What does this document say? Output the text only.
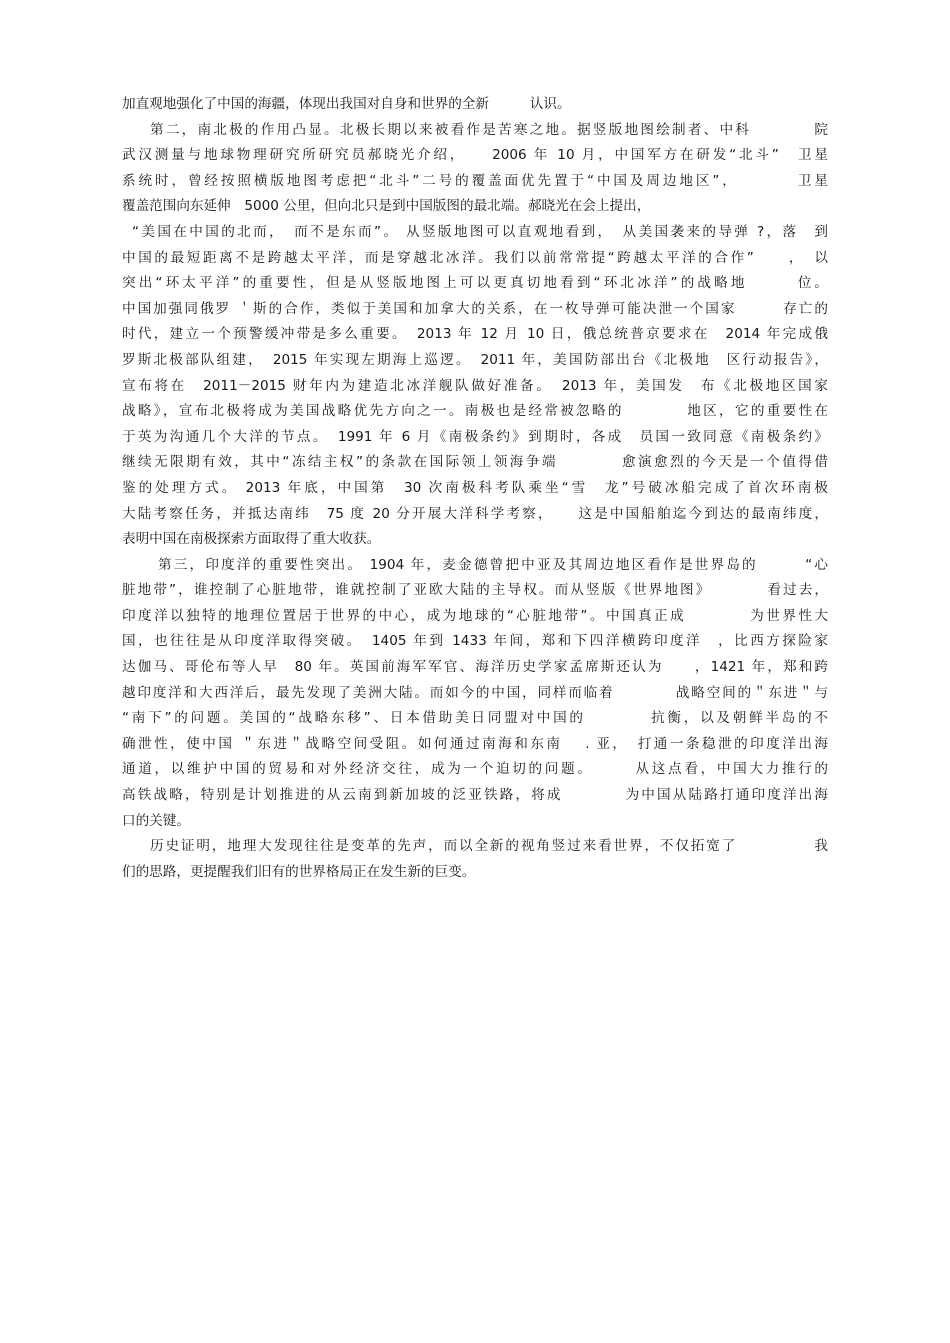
加直观地强化了中国的海疆，体现出我国对自身和世界的全新　　　认识。
第二，南北极的作用凸显。北极长期以来被看作是苦寒之地。据竖版地图绘制者、中科　　　　院
武汉测量与地球物理研究所研究员郝晓光介绍，　　2006 年 10 月，中国军方在研发“北斗”　卫星
系统时，曾经按照横版地图考虑把“北斗”二号的覆盖面优先置于“中国及周边地区”，　　　　卫星
覆盖范围向东延伸　5000 公里，但向北只是到中国版图的最北端。郝晓光在会上提出，
“美国在中国的北而，　而不是东而”。 从竖版地图可以直观地看到，　从美国袭来的导弹 ?，落　到
中国的最短距离不是跨越太平洋，而是穿越北冰洋。我们以前常常提“跨越太平洋的合作”　　，　以
突出“环太平洋”的重要性，但是从竖版地图上可以更真切地看到“环北冰洋”的战略地　　　位。
中国加强同俄罗 ＇斯的合作，类似于美国和加拿大的关系，在一枚导弹可能决泄一个国家　　　存亡的
时代，建立一个预警缓冲带是多么重要。　2013 年 12 月 10 日，俄总统普京要求在　2014 年完成俄
罗斯北极部队组建，　2015 年实现左期海上巡逻。　2011 年，美国防部出台《北极地　区行动报告》，
宣布将在　2011－2015 财年内为建造北冰洋舰队做好准备。　2013 年，美国发　布《北极地区国家
战略》，宣布北极将成为美国战略优先方向之一。南极也是经常被忽略的　　　　地区，它的重要性在
于英为沟通几个大洋的节点。　1991 年 6 月《南极条约》到期时，各成　员国一致同意《南极条约》
继续无限期有效，其中“冻结主权”的条款在国际领丄领海争端　　　　愈演愈烈的今天是一个值得借
鉴的处理方式。 2013 年底，中国第　30 次南极科考队乘坐“雪　龙”号破冰船完成了首次环南极
大陆考察任务，并抵达南纬　75 度 20 分开展大洋科学考察，　　这是中国船舶迄今到达的最南纬度，
表明中国在南极探索方面取得了重大收获。
第三，印度洋的重要性突出。 1904 年，麦金德曾把中亚及其周边地区看作是世界岛的　　　“心
脏地带”，谁控制了心脏地带，谁就控制了亚欧大陆的主导权。而从竖版《世界地图》　　　　看过去，
印度洋以独特的地理位置居于世界的中心，成为地球的“心脏地带”。中国真正成　　　　为世界性大
国，也往往是从印度洋取得突破。　1405 年到 1433 年间，郑和下四洋横跨印度洋　，比西方探险家
达伽马、哥伦布等人早　80 年。英国前海军军官、海洋历史学家孟席斯还认为　　，1421 年，郑和跨
越印度洋和大西洋后，最先发现了美洲大陆。而如今的中国，同样而临着　　　　战略空间的＂东进＂与
“南下”的问题。美国的“战略东移”、日本借助美日同盟对中国的　　　　抗衡，以及朝鲜半岛的不
确泄性，使中国 ＂东进＂战略空间受阻。如何通过南海和东南　 . 亚，　打通一条稳泄的印度洋出海
通道，以维护中国的贸易和对外经济交往，成为一个迫切的问题。　　　从这点看，中国大力推行的
高铁战略，特别是计划推进的从云南到新加坡的泛亚铁路，将成　　　　为中国从陆路打通印度洋出海
口的关键。
历史证明，地理大发现往往是变革的先声，而以全新的视角竖过来看世界，不仅拓宽了　　　　　我
们的思路，更提醒我们旧有的世界格局正在发生新的巨变。
